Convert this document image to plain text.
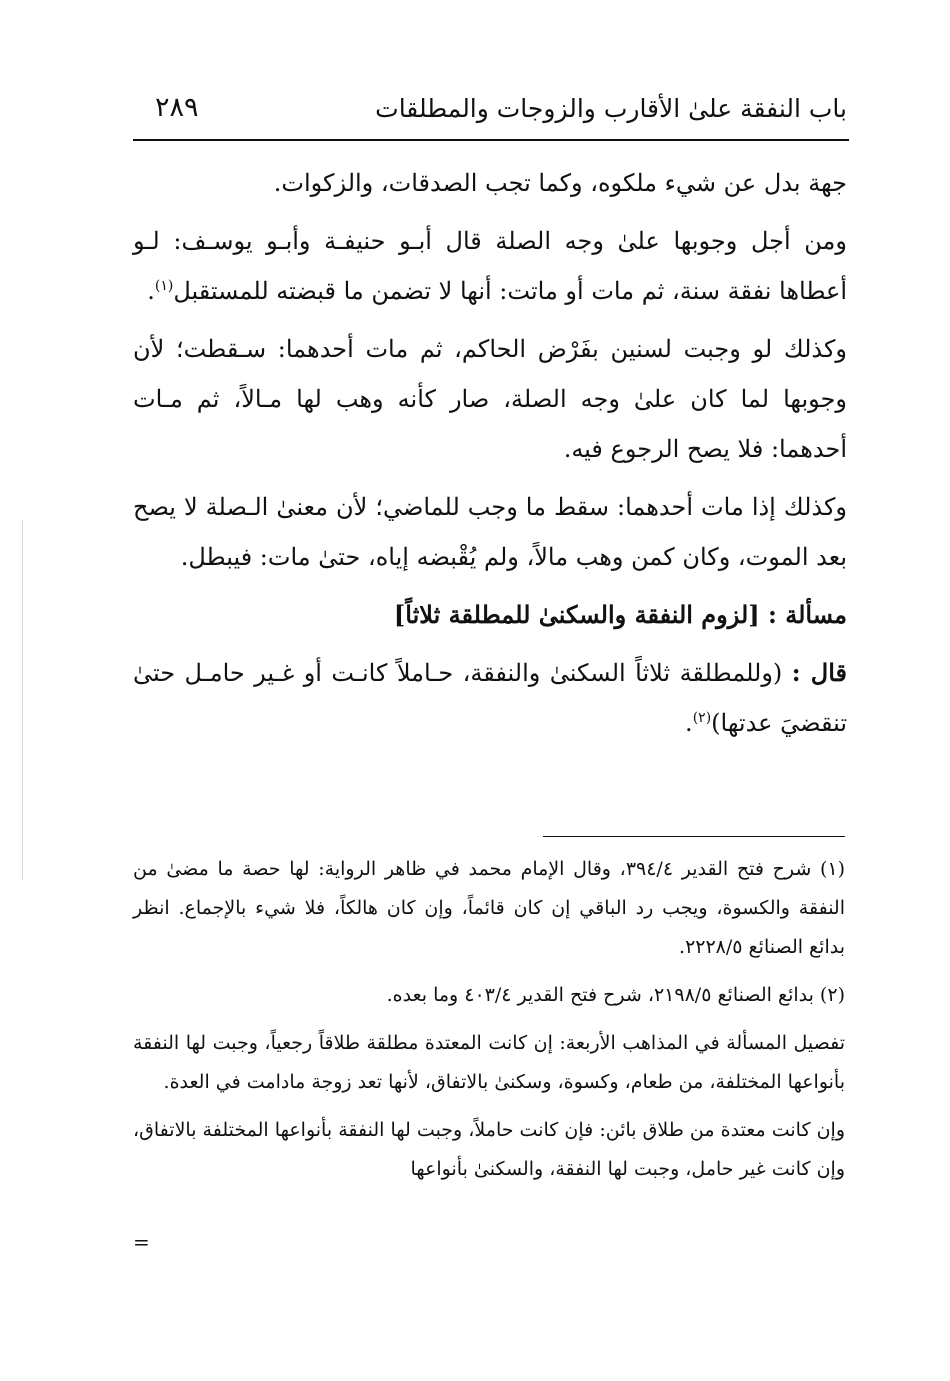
باب النفقة علىٰ الأقارب والزوجات والمطلقات
٢٨٩

جهة بدل عن شيء ملكوه، وكما تجب الصدقات، والزكوات.

ومن أجل وجوبها علىٰ وجه الصلة قال أبـو حنيفـة وأبـو يوسـف: لـو أعطاها نفقة سنة، ثم مات أو ماتت: أنها لا تضمن ما قبضته للمستقبل$^{(١)}$.

وكذلك لو وجبت لسنين بفَرْض الحاكم، ثم مات أحدهما: سـقطت؛ لأن وجوبها لما كان علىٰ وجه الصلة، صار كأنه وهب لها مـالاً، ثم مـات أحدهما: فلا يصح الرجوع فيه.

وكذلك إذا مات أحدهما: سقط ما وجب للماضي؛ لأن معنىٰ الـصلة لا يصح بعد الموت، وكان كمن وهب مالاً، ولم يُقْبضه إياه، حتىٰ مات: فيبطل.

مسألة : [لزوم النفقة والسكنىٰ للمطلقة ثلاثاً]

قال : (وللمطلقة ثلاثاً السكنىٰ والنفقة، حـاملاً كانـت أو غـير حامـل حتىٰ تنقضيَ عدتها)$^{(٢)}$.

(١) شرح فتح القدير ٣٩٤/٤، وقال الإمام محمد في ظاهر الرواية: لها حصة ما مضىٰ من النفقة والكسوة، ويجب رد الباقي إن كان قائماً، وإن كان هالكاً، فلا شيء بالإجماع. انظر بدائع الصنائع ٢٢٢٨/٥.

(٢) بدائع الصنائع ٢١٩٨/٥، شرح فتح القدير ٤٠٣/٤ وما بعده.

تفصيل المسألة في المذاهب الأربعة: إن كانت المعتدة مطلقة طلاقاً رجعياً، وجبت لها النفقة بأنواعها المختلفة، من طعام، وكسوة، وسكنىٰ بالاتفاق، لأنها تعد زوجة مادامت في العدة.

وإن كانت معتدة من طلاق بائن: فإن كانت حاملاً، وجبت لها النفقة بأنواعها المختلفة بالاتفاق، وإن كانت غير حامل، وجبت لها النفقة، والسكنىٰ بأنواعها

=
